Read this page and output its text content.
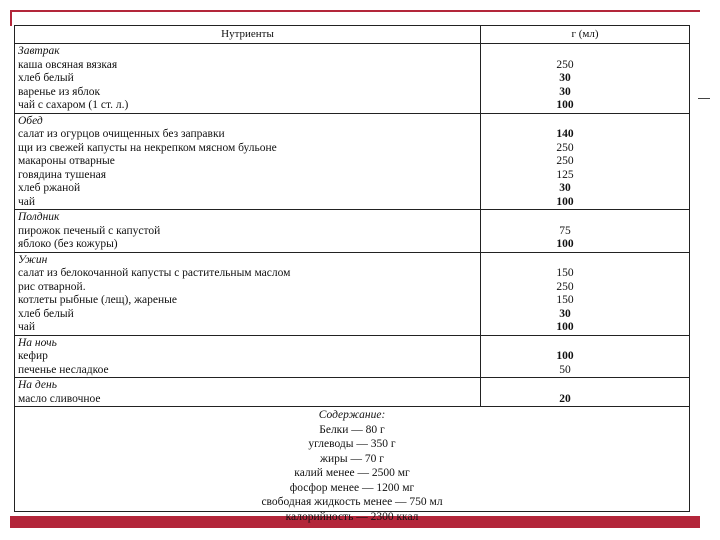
Нутриенты	г (мл)
Завтрак
каша овсяная вязкая
хлеб белый
варенье из яблок
чай с сахаром (1 ст. л.)
250
30
30
100
Обед
салат из огурцов очищенных без заправки
щи из свежей капусты на некрепком мясном бульоне
макароны отварные
говядина тушеная
хлеб ржаной
чай
140
250
250
125
30
100
Полдник
пирожок печеный с капустой
яблоко (без кожуры)
75
100
Ужин
салат из белокочанной капусты с растительным маслом
рис отварной.
котлеты рыбные (лещ), жареные
хлеб белый
чай
150
250
150
30
100
На ночь
кефир
печенье несладкое
100
50
На день
масло сливочное	20
Содержание:
Белки — 80 г
углеводы — 350 г
жиры — 70 г
калий менее — 2500 мг
фосфор менее — 1200 мг
свободная жидкость менее — 750 мл
калорийность — 2300 ккал
